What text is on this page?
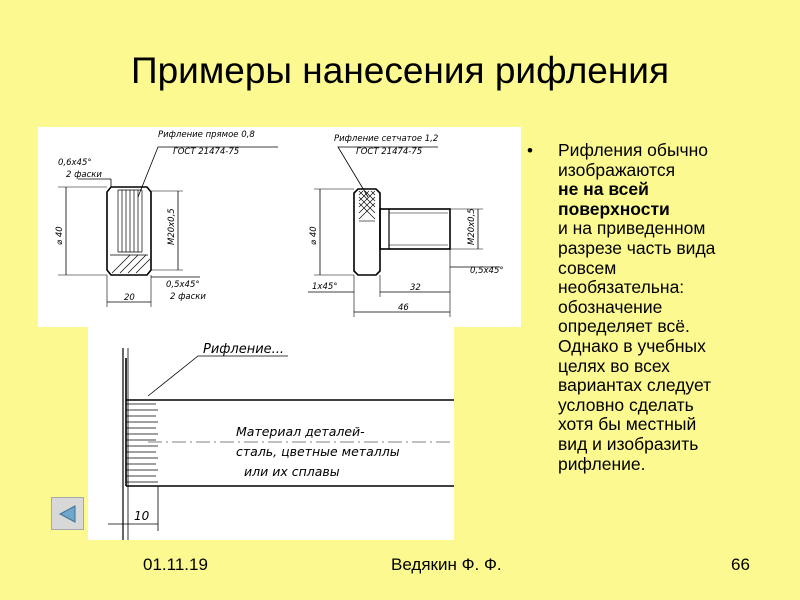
Примеры нанесения рифления
Рифление прямое 0,8
ГОСТ 21474-75
0,6х45°
2 фаски
⌀ 40	М20х0,5
0,5х45°
2 фаски
20
Рифление сетчатое 1,2
ГОСТ 21474-75
⌀ 40	М20х0,5
1х45°
0,5х45°
32
46
Рифление...
Материал деталей-
сталь, цветные металлы
или их сплавы
10
• Рифления обычно
изображаются
не на всей
поверхности
и на приведенном
разрезе часть вида
совсем
необязательна:
обозначение
определяет всё.
Однако в учебных
целях во всех
вариантах следует
условно сделать
хотя бы местный
вид и изобразить
рифление.
01.11.19	Ведякин Ф. Ф.	66
